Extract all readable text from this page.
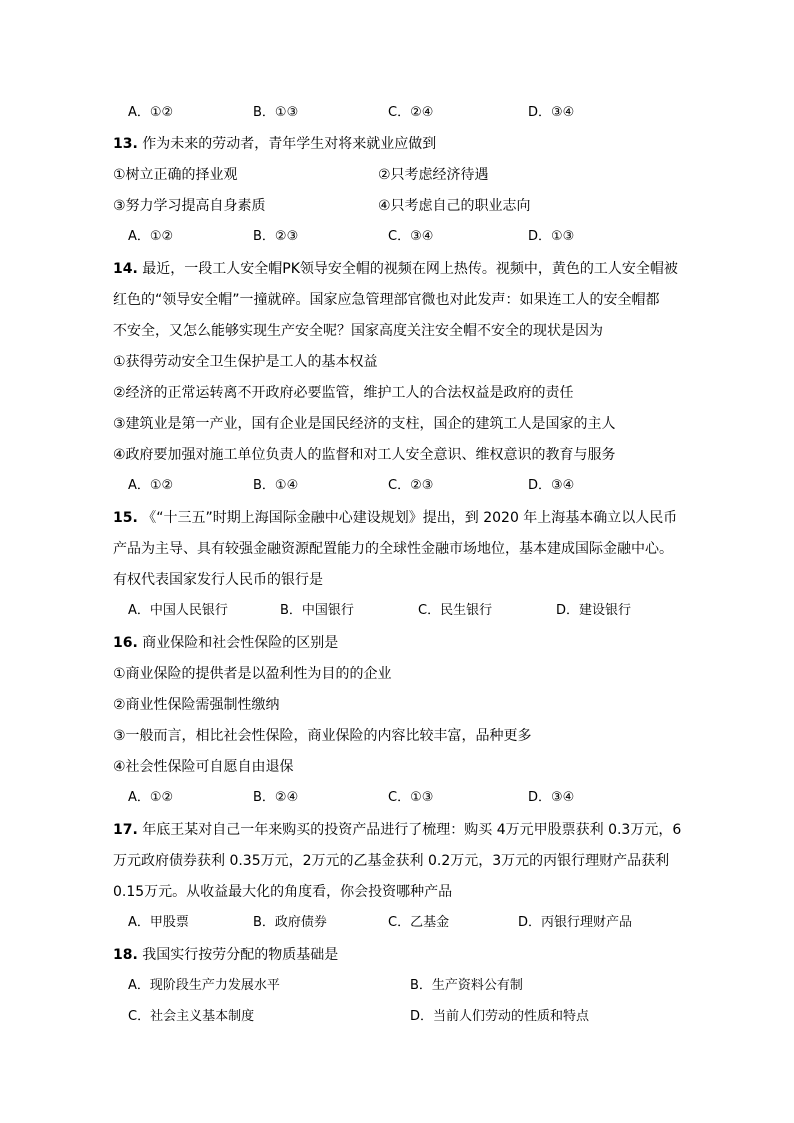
A．①②	B．①③	C．②④	D．③④
13. 作为未来的劳动者，青年学生对将来就业应做到
①树立正确的择业观	②只考虑经济待遇
③努力学习提高自身素质	④只考虑自己的职业志向
A．①②	B．②③	C．③④	D．①③
14. 最近，一段工人安全帽PK领导安全帽的视频在网上热传。视频中，黄色的工人安全帽被
红色的“领导安全帽”一撞就碎。国家应急管理部官微也对此发声：如果连工人的安全帽都
不安全，又怎么能够实现生产安全呢？国家高度关注安全帽不安全的现状是因为
①获得劳动安全卫生保护是工人的基本权益
②经济的正常运转离不开政府必要监管，维护工人的合法权益是政府的责任
③建筑业是第一产业，国有企业是国民经济的支柱，国企的建筑工人是国家的主人
④政府要加强对施工单位负责人的监督和对工人安全意识、维权意识的教育与服务
A．①②	B．①④	C．②③	D．③④
15. 《“十三五”时期上海国际金融中心建设规划》提出，到 2020 年上海基本确立以人民币
产品为主导、具有较强金融资源配置能力的全球性金融市场地位，基本建成国际金融中心。
有权代表国家发行人民币的银行是
A．中国人民银行	B．中国银行	C．民生银行	D．建设银行
16. 商业保险和社会性保险的区别是
①商业保险的提供者是以盈利性为目的的企业
②商业性保险需强制性缴纳
③一般而言，相比社会性保险，商业保险的内容比较丰富，品种更多
④社会性保险可自愿自由退保
A．①②	B．②④	C．①③	D．③④
17. 年底王某对自己一年来购买的投资产品进行了梳理：购买 4万元甲股票获利 0.3万元，6
万元政府债券获利 0.35万元，2万元的乙基金获利 0.2万元，3万元的丙银行理财产品获利
0.15万元。从收益最大化的角度看，你会投资哪种产品
A．甲股票	B．政府债券	C．乙基金	D．丙银行理财产品
18. 我国实行按劳分配的物质基础是
A．现阶段生产力发展水平	B．生产资料公有制
C．社会主义基本制度	D．当前人们劳动的性质和特点
